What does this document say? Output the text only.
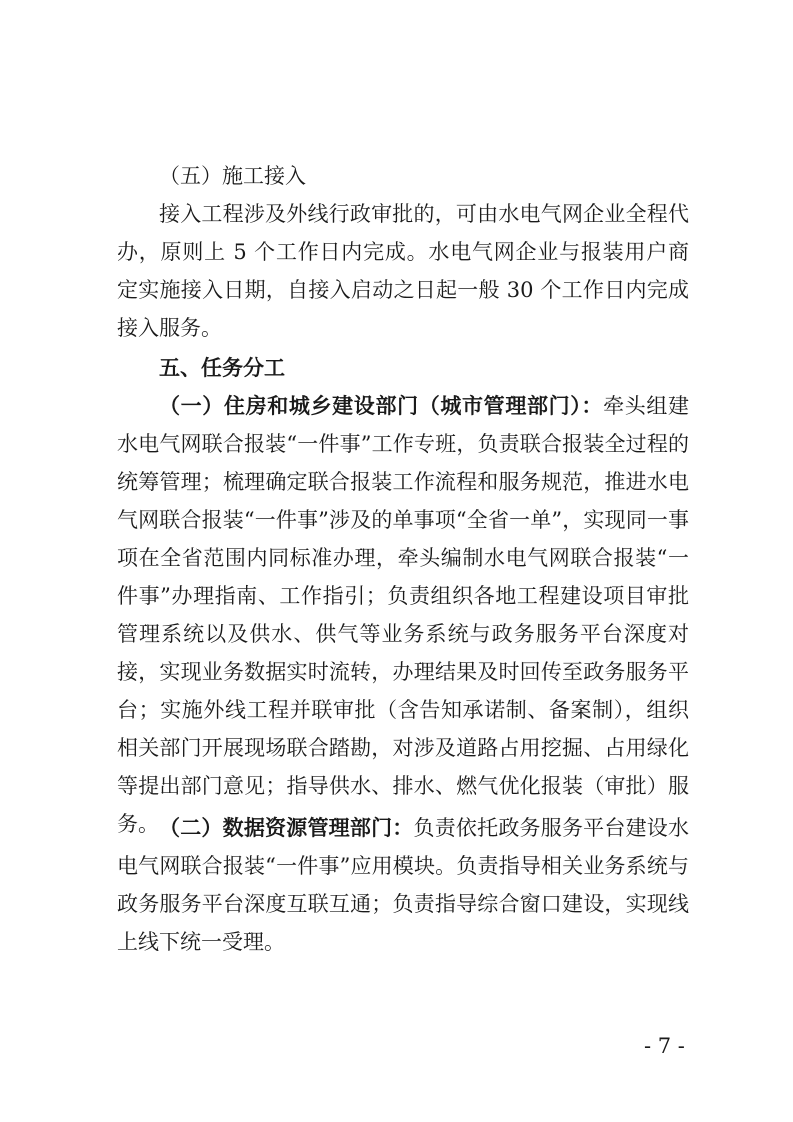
（五）施工接入

接入工程涉及外线行政审批的，可由水电气网企业全程代办，原则上 5 个工作日内完成。水电气网企业与报装用户商定实施接入日期，自接入启动之日起一般 30 个工作日内完成接入服务。

五、任务分工

（一）住房和城乡建设部门（城市管理部门）：牵头组建水电气网联合报装“一件事”工作专班，负责联合报装全过程的统筹管理；梳理确定联合报装工作流程和服务规范，推进水电气网联合报装“一件事”涉及的单事项“全省一单”，实现同一事项在全省范围内同标准办理，牵头编制水电气网联合报装“一件事”办理指南、工作指引；负责组织各地工程建设项目审批管理系统以及供水、供气等业务系统与政务服务平台深度对接，实现业务数据实时流转，办理结果及时回传至政务服务平台；实施外线工程并联审批（含告知承诺制、备案制），组织相关部门开展现场联合踏勘，对涉及道路占用挖掘、占用绿化等提出部门意见；指导供水、排水、燃气优化报装（审批）服务。 （二）数据资源管理部门：负责依托政务服务平台建设水电气网联合报装“一件事”应用模块。负责指导相关业务系统与政务服务平台深度互联互通；负责指导综合窗口建设，实现线上线下统一受理。

- 7 -
